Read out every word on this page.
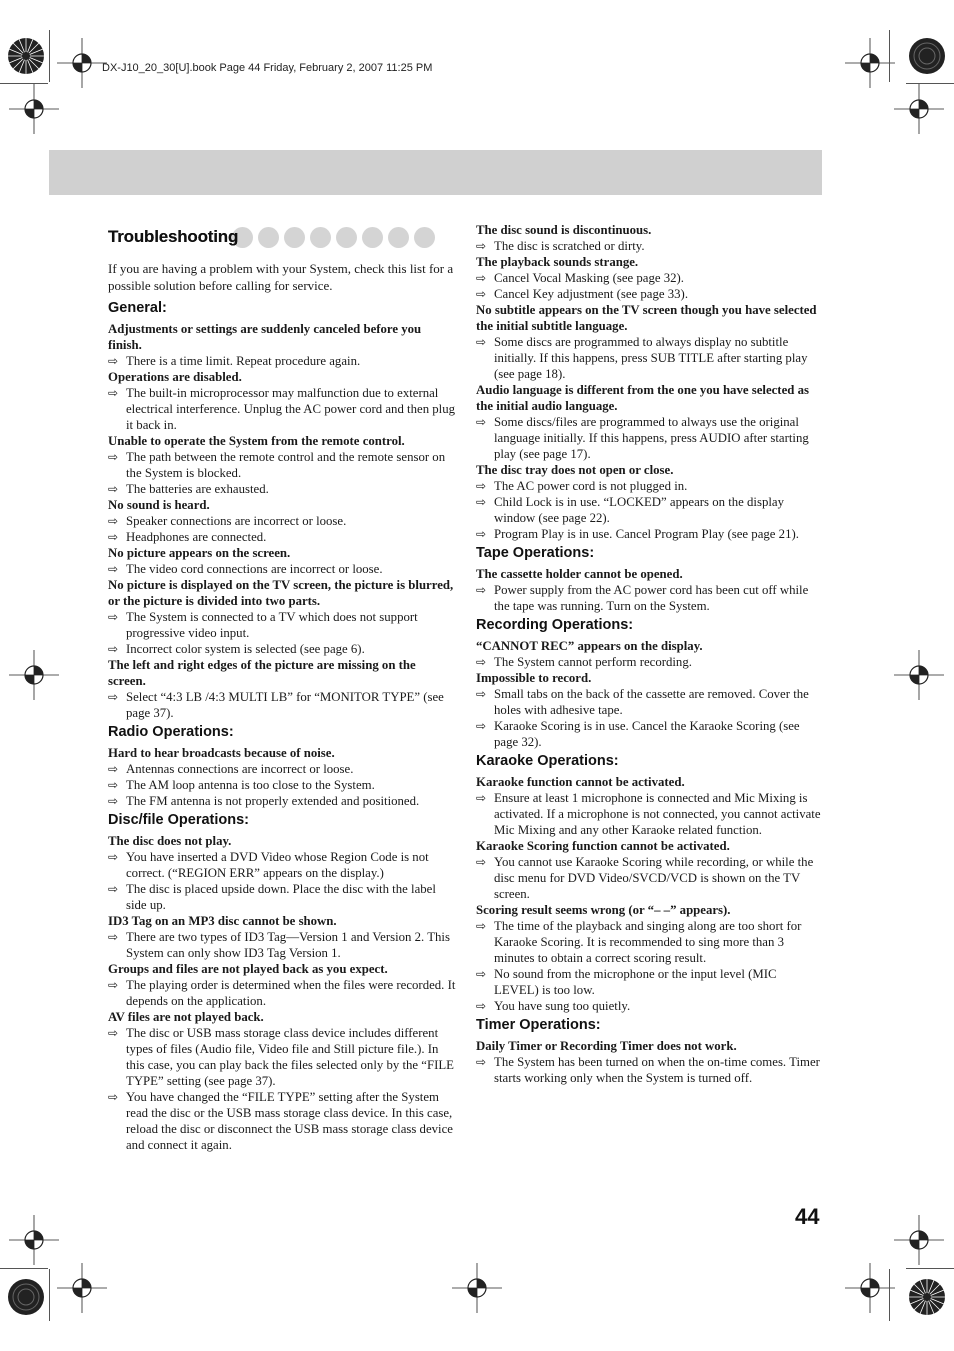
DX-J10_20_30[U].book Page 44 Friday, February 2, 2007 11:25 PM
Troubleshooting

If you are having a problem with your System, check this list for a possible solution before calling for service.

General:
Adjustments or settings are suddenly canceled before you finish.
⇨ There is a time limit. Repeat procedure again.
Operations are disabled.
⇨ The built-in microprocessor may malfunction due to external electrical interference. Unplug the AC power cord and then plug it back in.
Unable to operate the System from the remote control.
⇨ The path between the remote control and the remote sensor on the System is blocked.
⇨ The batteries are exhausted.
No sound is heard.
⇨ Speaker connections are incorrect or loose.
⇨ Headphones are connected.
No picture appears on the screen.
⇨ The video cord connections are incorrect or loose.
No picture is displayed on the TV screen, the picture is blurred, or the picture is divided into two parts.
⇨ The System is connected to a TV which does not support progressive video input.
⇨ Incorrect color system is selected (see page 6).
The left and right edges of the picture are missing on the screen.
⇨ Select “4:3 LB /4:3 MULTI LB” for “MONITOR TYPE” (see page 37).
Radio Operations:
Hard to hear broadcasts because of noise.
⇨ Antennas connections are incorrect or loose.
⇨ The AM loop antenna is too close to the System.
⇨ The FM antenna is not properly extended and positioned.
Disc/file Operations:
The disc does not play.
⇨ You have inserted a DVD Video whose Region Code is not correct. (“REGION ERR” appears on the display.)
⇨ The disc is placed upside down. Place the disc with the label side up.
ID3 Tag on an MP3 disc cannot be shown.
⇨ There are two types of ID3 Tag—Version 1 and Version 2. This System can only show ID3 Tag Version 1.
Groups and files are not played back as you expect.
⇨ The playing order is determined when the files were recorded. It depends on the application.
AV files are not played back.
⇨ The disc or USB mass storage class device includes different types of files (Audio file, Video file and Still picture file.). In this case, you can play back the files selected only by the “FILE TYPE” setting (see page 37).
⇨ You have changed the “FILE TYPE” setting after the System read the disc or the USB mass storage class device. In this case, reload the disc or disconnect the USB mass storage class device and connect it again.
The disc sound is discontinuous.
⇨ The disc is scratched or dirty.
The playback sounds strange.
⇨ Cancel Vocal Masking (see page 32).
⇨ Cancel Key adjustment (see page 33).
No subtitle appears on the TV screen though you have selected the initial subtitle language.
⇨ Some discs are programmed to always display no subtitle initially. If this happens, press SUB TITLE after starting play (see page 18).
Audio language is different from the one you have selected as the initial audio language.
⇨ Some discs/files are programmed to always use the original language initially. If this happens, press AUDIO after starting play (see page 17).
The disc tray does not open or close.
⇨ The AC power cord is not plugged in.
⇨ Child Lock is in use. “LOCKED” appears on the display window (see page 22).
⇨ Program Play is in use. Cancel Program Play (see page 21).
Tape Operations:
The cassette holder cannot be opened.
⇨ Power supply from the AC power cord has been cut off while the tape was running. Turn on the System.
Recording Operations:
“CANNOT REC” appears on the display.
⇨ The System cannot perform recording.
Impossible to record.
⇨ Small tabs on the back of the cassette are removed. Cover the holes with adhesive tape.
⇨ Karaoke Scoring is in use. Cancel the Karaoke Scoring (see page 32).
Karaoke Operations:
Karaoke function cannot be activated.
⇨ Ensure at least 1 microphone is connected and Mic Mixing is activated. If a microphone is not connected, you cannot activate Mic Mixing and any other Karaoke related function.
Karaoke Scoring function cannot be activated.
⇨ You cannot use Karaoke Scoring while recording, or while the disc menu for DVD Video/SVCD/VCD is shown on the TV screen.
Scoring result seems wrong (or “– –” appears).
⇨ The time of the playback and singing along are too short for Karaoke Scoring. It is recommended to sing more than 3 minutes to obtain a correct scoring result.
⇨ No sound from the microphone or the input level (MIC LEVEL) is too low.
⇨ You have sung too quietly.
Timer Operations:
Daily Timer or Recording Timer does not work.
⇨ The System has been turned on when the on-time comes. Timer starts working only when the System is turned off.
44
